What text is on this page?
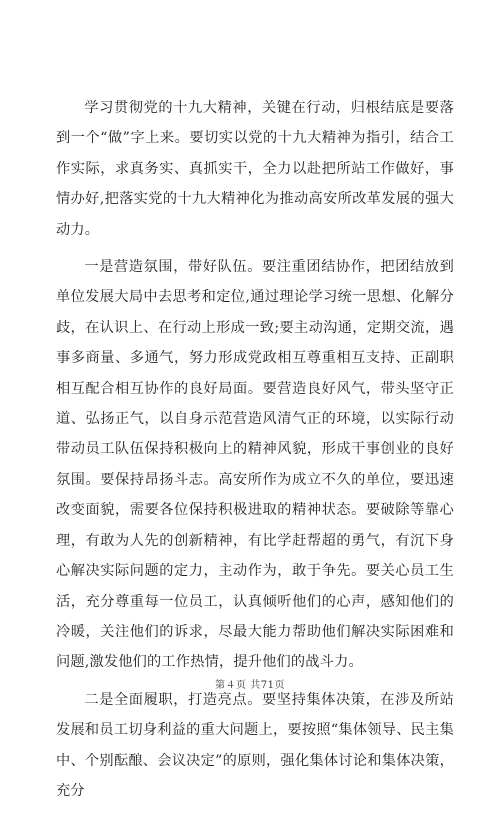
学习贯彻党的十九大精神，关键在行动，归根结底是要落到一个“做”字上来。要切实以党的十九大精神为指引，结合工作实际，求真务实、真抓实干，全力以赴把所站工作做好，事情办好,把落实党的十九大精神化为推动高安所改革发展的强大动力。

一是营造氛围，带好队伍。要注重团结协作，把团结放到单位发展大局中去思考和定位,通过理论学习统一思想、化解分歧，在认识上、在行动上形成一致;要主动沟通，定期交流，遇事多商量、多通气，努力形成党政相互尊重相互支持、正副职相互配合相互协作的良好局面。要营造良好风气，带头坚守正道、弘扬正气，以自身示范营造风清气正的环境，以实际行动带动员工队伍保持积极向上的精神风貌，形成干事创业的良好氛围。要保持昂扬斗志。高安所作为成立不久的单位，要迅速改变面貌，需要各位保持积极进取的精神状态。要破除等靠心理，有敢为人先的创新精神，有比学赶帮超的勇气，有沉下身心解决实际问题的定力，主动作为，敢于争先。要关心员工生活，充分尊重每一位员工，认真倾听他们的心声，感知他们的冷暖，关注他们的诉求，尽最大能力帮助他们解决实际困难和问题,激发他们的工作热情，提升他们的战斗力。

二是全面履职，打造亮点。要坚持集体决策，在涉及所站发展和员工切身利益的重大问题上，要按照“集体领导、民主集中、个别酝酿、会议决定”的原则，强化集体讨论和集体决策，充分

第４页 共71页
